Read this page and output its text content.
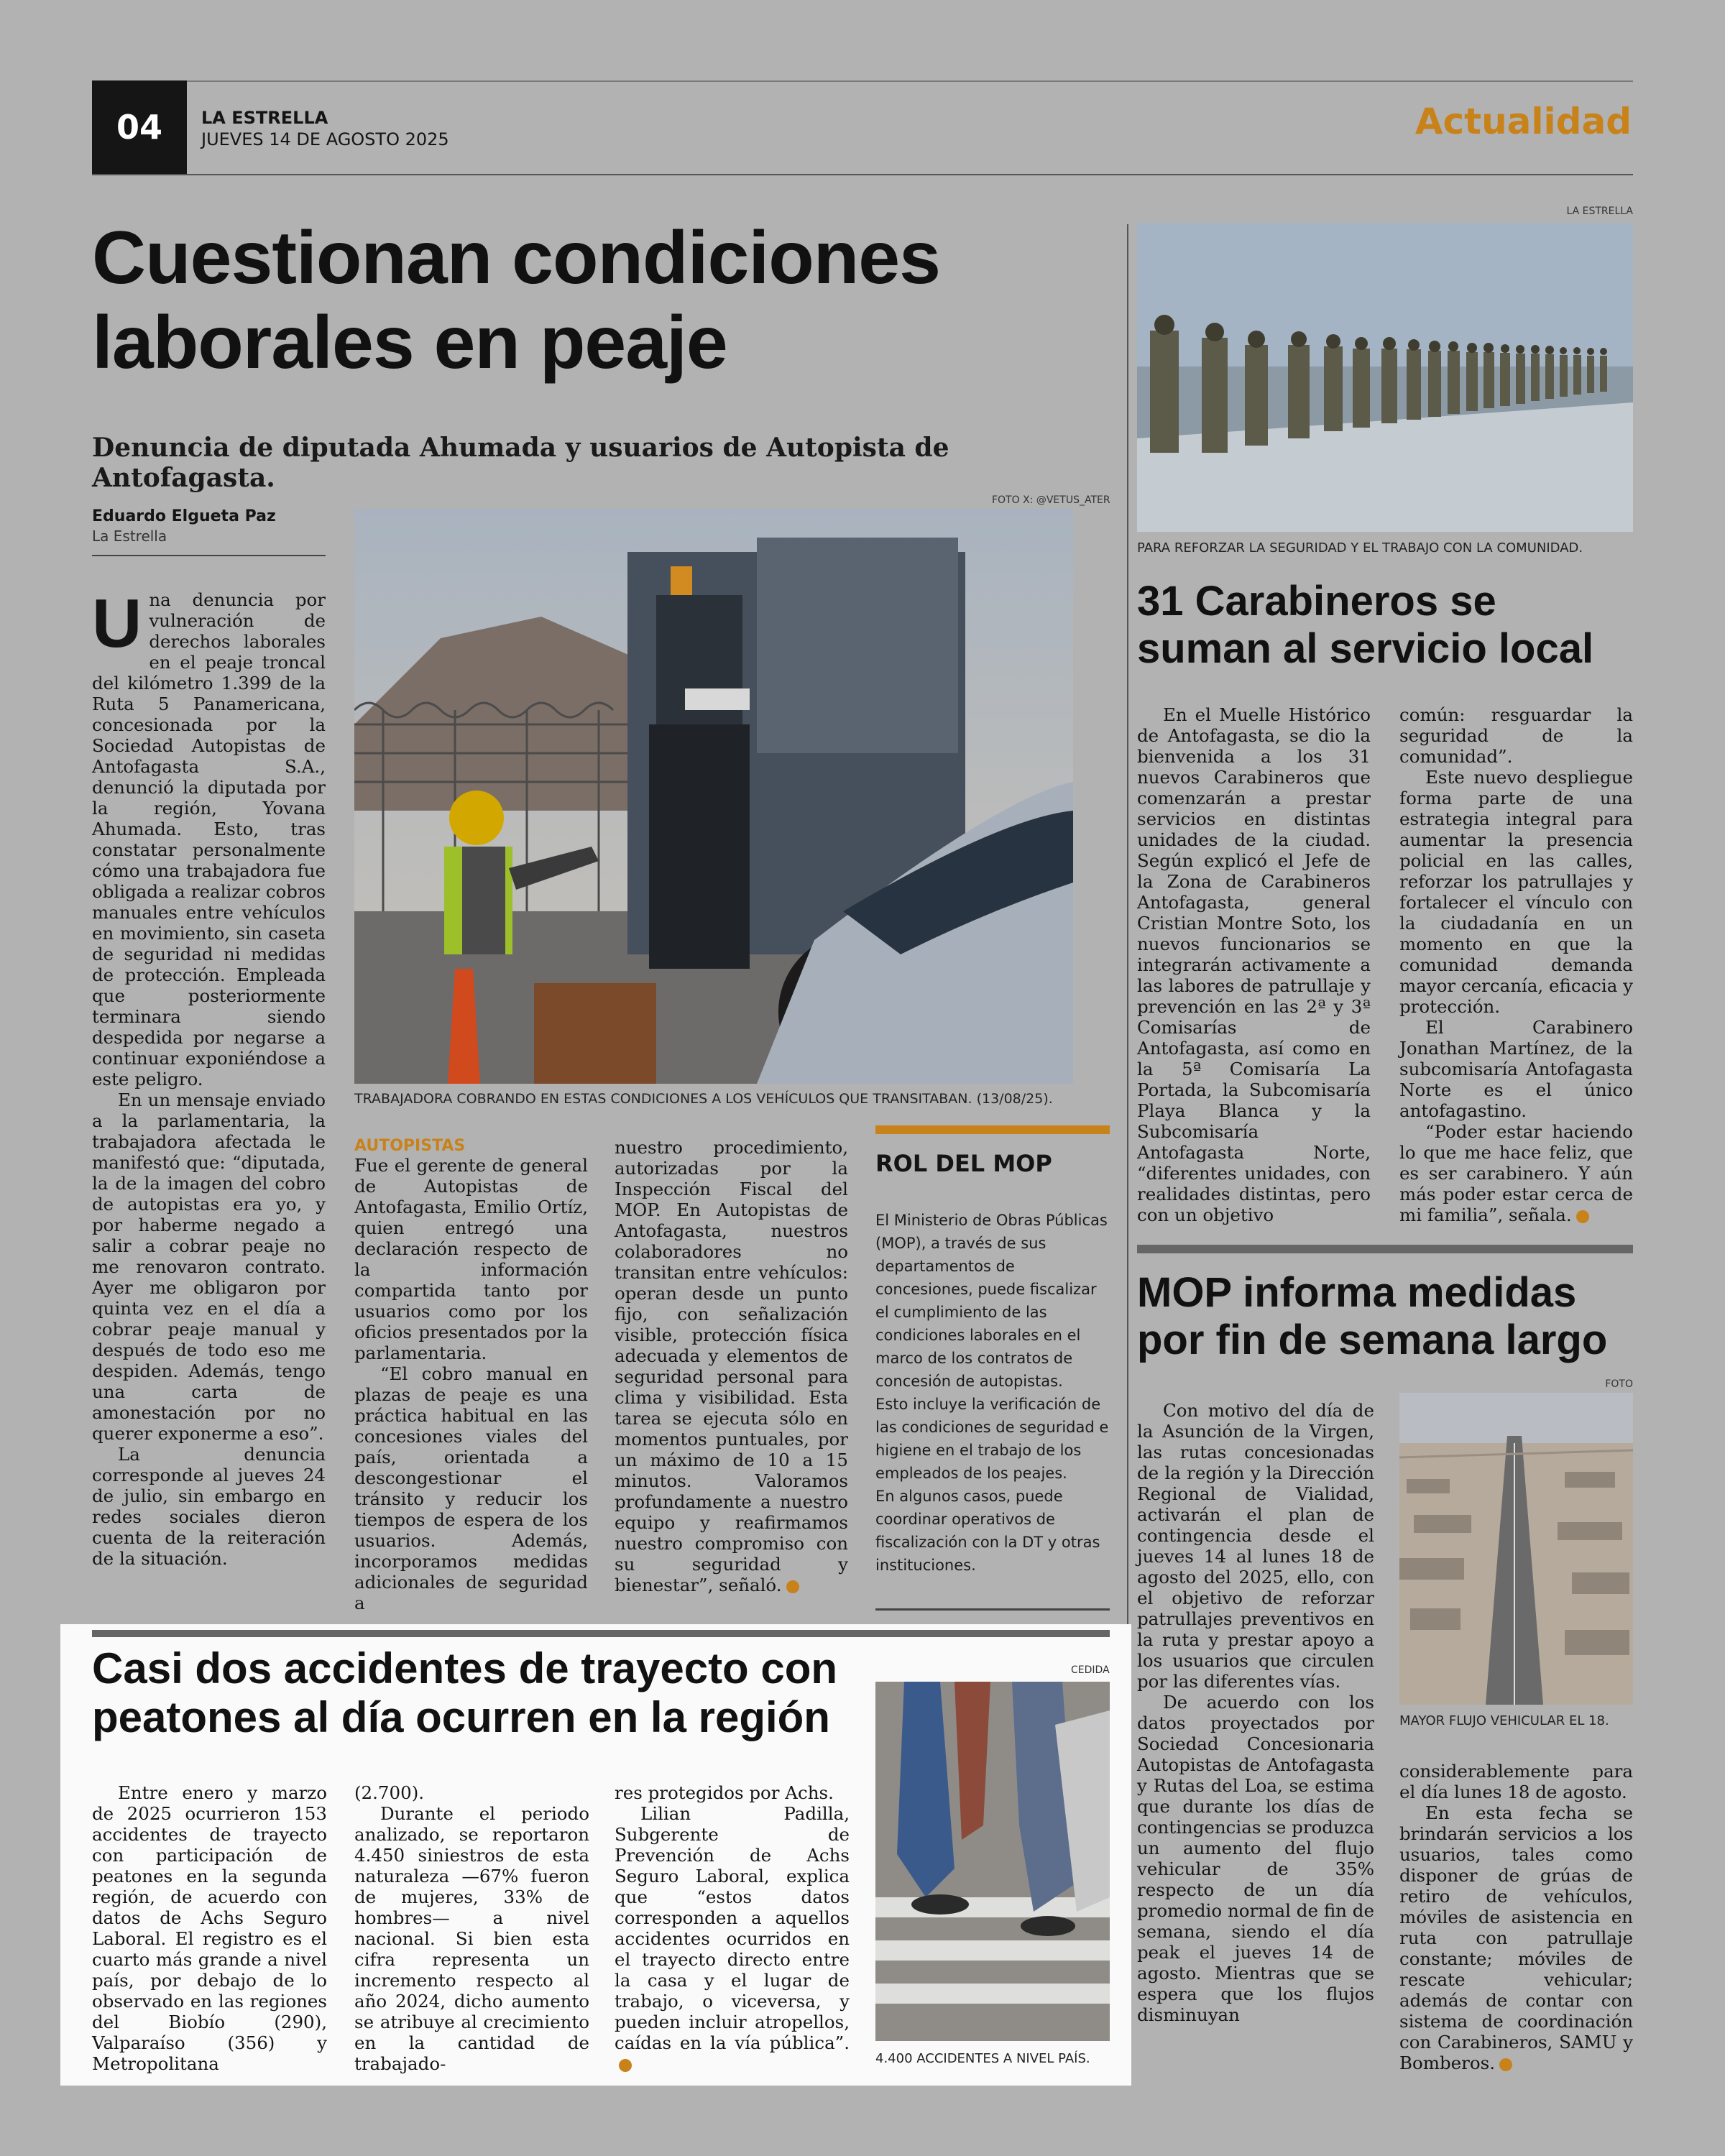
04	LA ESTRELLA
JUEVES 14 DE AGOSTO 2025	Actualidad
Cuestionan condiciones laborales en peaje
Denuncia de diputada Ahumada y usuarios de Autopista de Antofagasta.
Eduardo Elgueta Paz
La Estrella
FOTO X: @VETUS_ATER
TRABAJADORA COBRANDO EN ESTAS CONDICIONES A LOS VEHÍCULOS QUE TRANSITABAN. (13/08/25).

Una denuncia por vulneración de derechos laborales en el peaje troncal del kilómetro 1.399 de la Ruta 5 Panamericana, concesionada por la Sociedad Autopistas de Antofagasta S.A., denunció la diputada por la región, Yovana Ahumada. Esto, tras constatar personalmente cómo una trabajadora fue obligada a realizar cobros manuales entre vehículos en movimiento, sin caseta de seguridad ni medidas de protección. Empleada que posteriormente terminara siendo despedida por negarse a continuar exponiéndose a este peligro.

En un mensaje enviado a la parlamentaria, la trabajadora afectada le manifestó que: “diputada, la de la imagen del cobro de autopistas era yo, y por haberme negado a salir a cobrar peaje no me renovaron contrato. Ayer me obligaron por quinta vez en el día a cobrar peaje manual y después de todo eso me despiden. Además, tengo una carta de amonestación por no querer exponerme a eso”.

La denuncia corresponde al jueves 24 de julio, sin embargo en redes sociales dieron cuenta de la reiteración de la situación.

AUTOPISTAS

Fue el gerente de general de Autopistas de Antofagasta, Emilio Ortíz, quien entregó una declaración respecto de la información compartida tanto por usuarios como por los oficios presentados por la parlamentaria.

“El cobro manual en plazas de peaje es una práctica habitual en las concesiones viales del país, orientada a descongestionar el tránsito y reducir los tiempos de espera de los usuarios. Además, incorporamos medidas adicionales de seguridad a

nuestro procedimiento, autorizadas por la Inspección Fiscal del MOP. En Autopistas de Antofagasta, nuestros colaboradores no transitan entre vehículos: operan desde un punto fijo, con señalización visible, protección física adecuada y elementos de seguridad personal para clima y visibilidad. Esta tarea se ejecuta sólo en momentos puntuales, por un máximo de 10 a 15 minutos. Valoramos profundamente a nuestro equipo y reafirmamos nuestro compromiso con su seguridad y bienestar”, señaló.

ROL DEL MOP
El Ministerio de Obras Públicas (MOP), a través de sus departamentos de concesiones, puede fiscalizar el cumplimiento de las condiciones laborales en el marco de los contratos de concesión de autopistas.
Esto incluye la verificación de las condiciones de seguridad e higiene en el trabajo de los empleados de los peajes.
En algunos casos, puede coordinar operativos de fiscalización con la DT y otras instituciones.
LA ESTRELLA
PARA REFORZAR LA SEGURIDAD Y EL TRABAJO CON LA COMUNIDAD.
31 Carabineros se suman al servicio local

En el Muelle Histórico de Antofagasta, se dio la bienvenida a los 31 nuevos Carabineros que comenzarán a prestar servicios en distintas unidades de la ciudad. Según explicó el Jefe de la Zona de Carabineros Antofagasta, general Cristian Montre Soto, los nuevos funcionarios se integrarán activamente a las labores de patrullaje y prevención en las 2ª y 3ª Comisarías de Antofagasta, así como en la 5ª Comisaría La Portada, la Subcomisaría Playa Blanca y la Subcomisaría Antofagasta Norte, “diferentes unidades, con realidades distintas, pero con un objetivo

común: resguardar la seguridad de la comunidad”.

Este nuevo despliegue forma parte de una estrategia integral para aumentar la presencia policial en las calles, reforzar los patrullajes y fortalecer el vínculo con la ciudadanía en un momento en que la comunidad demanda mayor cercanía, eficacia y protección.

El Carabinero Jonathan Martínez, de la subcomisaría Antofagasta Norte es el único antofagastino.

“Poder estar haciendo lo que me hace feliz, que es ser carabinero. Y aún más poder estar cerca de mi familia”, señala.

MOP informa medidas por fin de semana largo
FOTO
MAYOR FLUJO VEHICULAR EL 18.

Con motivo del día de la Asunción de la Virgen, las rutas concesionadas de la región y la Dirección Regional de Vialidad, activarán el plan de contingencia desde el jueves 14 al lunes 18 de agosto del 2025, ello, con el objetivo de reforzar patrullajes preventivos en la ruta y prestar apoyo a los usuarios que circulen por las diferentes vías.

De acuerdo con los datos proyectados por Sociedad Concesionaria Autopistas de Antofagasta y Rutas del Loa, se estima que durante los días de contingencias se produzca un aumento del flujo vehicular de 35% respecto de un día promedio normal de fin de semana, siendo el día peak el jueves 14 de agosto. Mientras que se espera que los flujos disminuyan

considerablemente para el día lunes 18 de agosto.

En esta fecha se brindarán servicios a los usuarios, tales como disponer de grúas de retiro de vehículos, móviles de asistencia en ruta con patrullaje constante; móviles de rescate vehicular; además de contar con sistema de coordinación con Carabineros, SAMU y Bomberos.

Casi dos accidentes de trayecto con peatones al día ocurren en la región
CEDIDA
4.400 ACCIDENTES A NIVEL PAÍS.

Entre enero y marzo de 2025 ocurrieron 153 accidentes de trayecto con participación de peatones en la segunda región, de acuerdo con datos de Achs Seguro Laboral. El registro es el cuarto más grande a nivel país, por debajo de lo observado en las regiones del Biobío (290), Valparaíso (356) y Metropolitana

(2.700).

Durante el periodo analizado, se reportaron 4.450 siniestros de esta naturaleza —67% fueron de mujeres, 33% de hombres— a nivel nacional. Si bien esta cifra representa un incremento respecto al año 2024, dicho aumento se atribuye al crecimiento en la cantidad de trabajado-

res protegidos por Achs.

Lilian Padilla, Subgerente de Prevención de Achs Seguro Laboral, explica que “estos datos corresponden a aquellos accidentes ocurridos en el trayecto directo entre la casa y el lugar de trabajo, o viceversa, y pueden incluir atropellos, caídas en la vía pública”.
